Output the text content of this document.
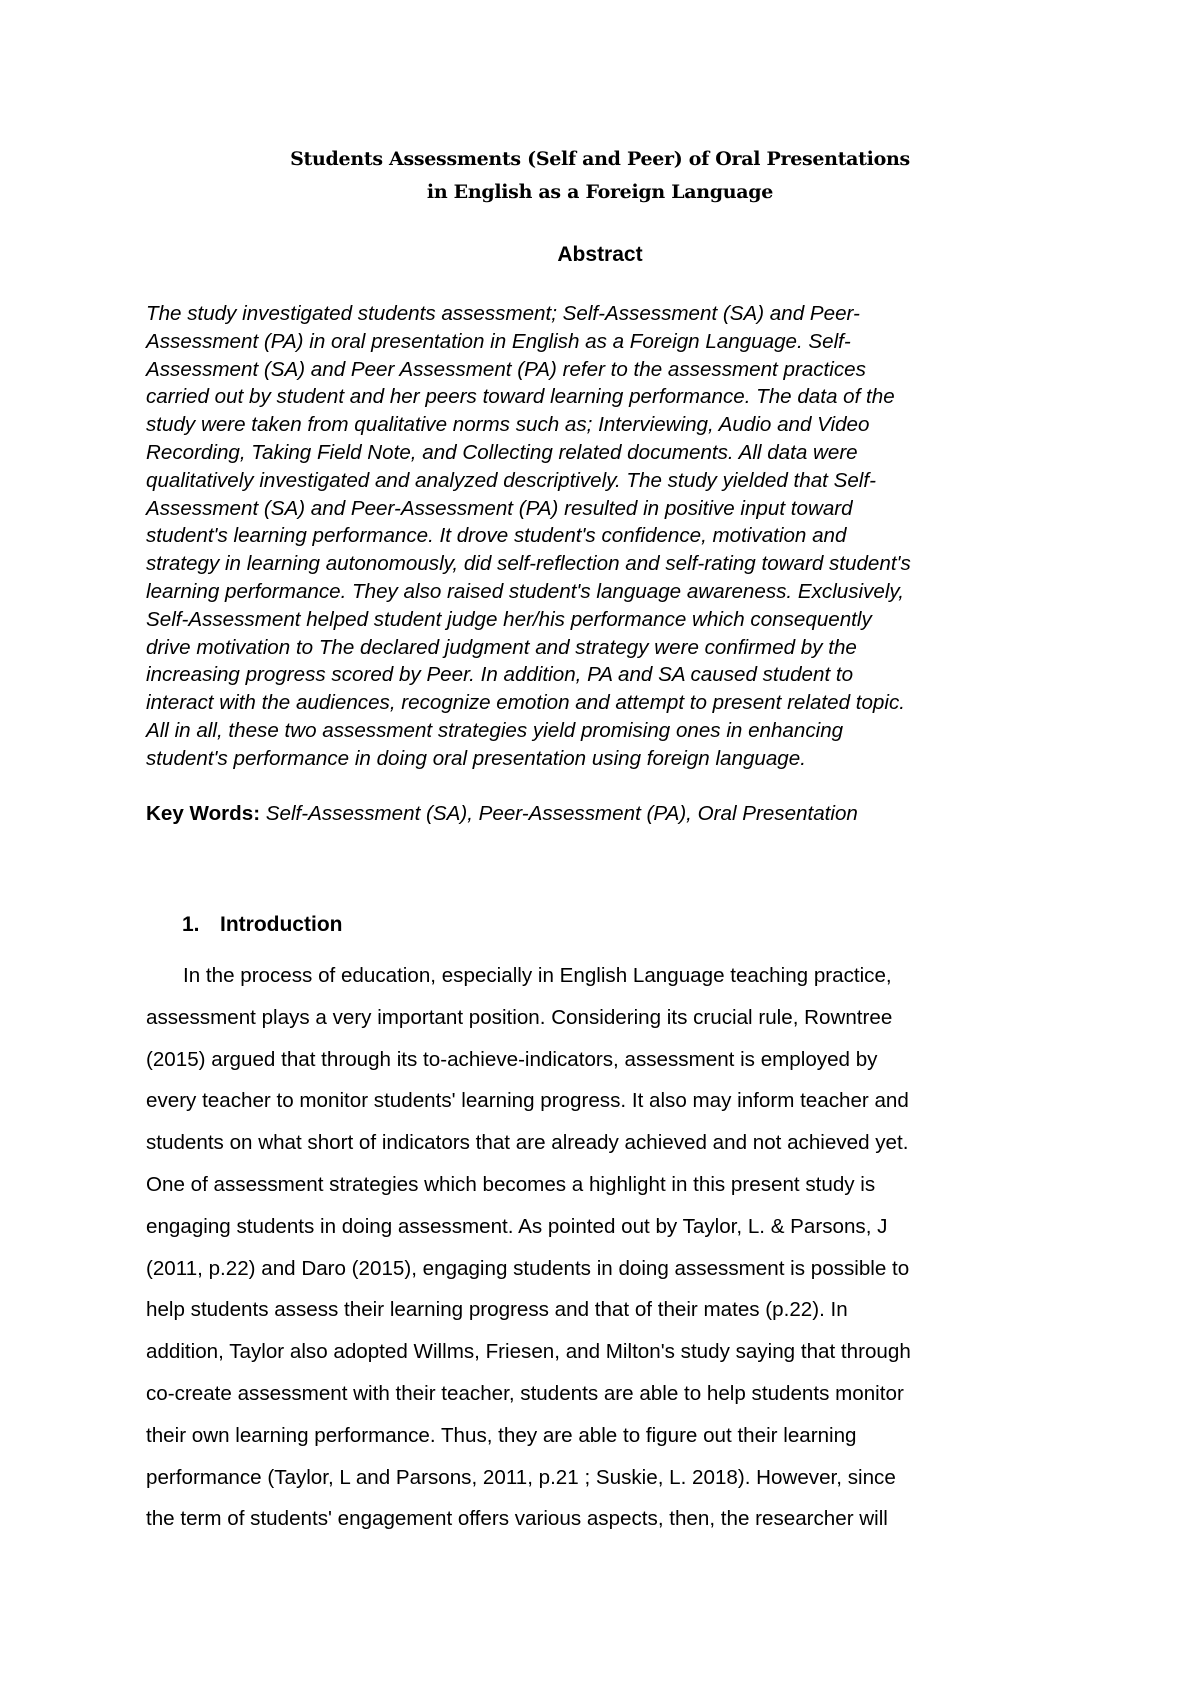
Students Assessments (Self and Peer) of Oral Presentations
in English as a Foreign Language
Abstract
The study investigated students assessment; Self-Assessment (SA) and Peer-
Assessment (PA) in oral presentation in English as a Foreign Language. Self-
Assessment (SA) and Peer Assessment (PA) refer to the assessment practices
carried out by student and her peers toward learning performance. The data of the
study were taken from qualitative norms such as; Interviewing, Audio and Video
Recording, Taking Field Note, and Collecting related documents. All data were
qualitatively investigated and analyzed descriptively. The study yielded that Self-
Assessment (SA) and Peer-Assessment (PA) resulted in positive input toward
student's learning performance. It drove student's confidence, motivation and
strategy in learning autonomously, did self-reflection and self-rating toward student's
learning performance. They also raised student's language awareness. Exclusively,
Self-Assessment helped student judge her/his performance which consequently
drive motivation to The declared judgment and strategy were confirmed by the
increasing progress scored by Peer. In addition, PA and SA caused student to
interact with the audiences, recognize emotion and attempt to present related topic.
All in all, these two assessment strategies yield promising ones in enhancing
student's performance in doing oral presentation using foreign language.

Key Words: Self-Assessment (SA), Peer-Assessment (PA), Oral Presentation

1. Introduction
In the process of education, especially in English Language teaching practice,
assessment plays a very important position. Considering its crucial rule, Rowntree
(2015) argued that through its to-achieve-indicators, assessment is employed by
every teacher to monitor students' learning progress. It also may inform teacher and
students on what short of indicators that are already achieved and not achieved yet.
One of assessment strategies which becomes a highlight in this present study is
engaging students in doing assessment. As pointed out by Taylor, L. & Parsons, J
(2011, p.22) and Daro (2015), engaging students in doing assessment is possible to
help students assess their learning progress and that of their mates (p.22). In
addition, Taylor also adopted Willms, Friesen, and Milton's study saying that through
co-create assessment with their teacher, students are able to help students monitor
their own learning performance. Thus, they are able to figure out their learning
performance (Taylor, L and Parsons, 2011, p.21 ; Suskie, L. 2018). However, since
the term of students' engagement offers various aspects, then, the researcher will
